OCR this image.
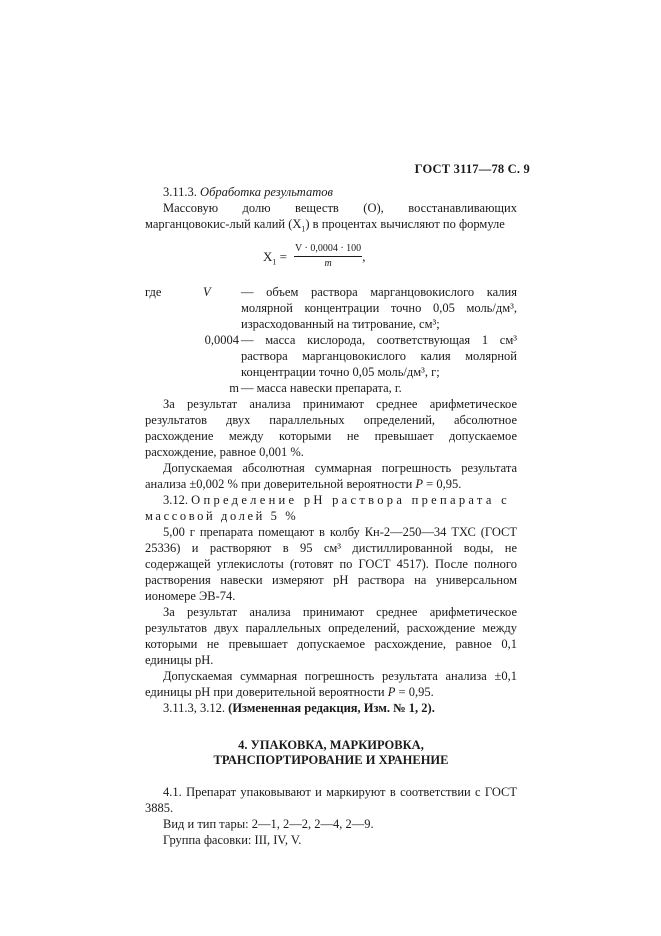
ГОСТ 3117—78 С. 9

3.11.3. Обработка результатов

Массовую долю веществ (О), восстанавливающих марганцовокис-лый калий $(X_1)$ в процентах вычисляют по формуле

$X_1 = \frac{V \cdot 0,0004 \cdot 100}{m}$ ,
где	V — объем раствора марганцовокислого калия молярной концентрации точно 0,05 моль/дм³, израсходованный на титрование, см³;
0,0004 — масса кислорода, соответствующая 1 см³ раствора марганцовокислого калия молярной концентрации точно 0,05 моль/дм³, г;
m — масса навески препарата, г.

За результат анализа принимают среднее арифметическое результатов двух параллельных определений, абсолютное расхождение между которыми не превышает допускаемое расхождение, равное 0,001 %.

Допускаемая абсолютная суммарная погрешность результата анализа ±0,002 % при доверительной вероятности P = 0,95.

3.12. Определение рН раствора препарата с

массовой долей 5 %

5,00 г препарата помещают в колбу Кн-2—250—34 ТХС (ГОСТ 25336) и растворяют в 95 см³ дистиллированной воды, не содержащей углекислоты (готовят по ГОСТ 4517). После полного растворения навески измеряют рН раствора на универсальном иономере ЭВ-74.

За результат анализа принимают среднее арифметическое результатов двух параллельных определений, расхождение между которыми не превышает допускаемое расхождение, равное 0,1 единицы рН.

Допускаемая суммарная погрешность результата анализа ±0,1 единицы рН при доверительной вероятности P = 0,95.

3.11.3, 3.12. (Измененная редакция, Изм. № 1, 2).

4. УПАКОВКА, МАРКИРОВКА,
ТРАНСПОРТИРОВАНИЕ И ХРАНЕНИЕ

4.1. Препарат упаковывают и маркируют в соответствии с ГОСТ 3885.

Вид и тип тары: 2—1, 2—2, 2—4, 2—9.

Группа фасовки: III, IV, V.
